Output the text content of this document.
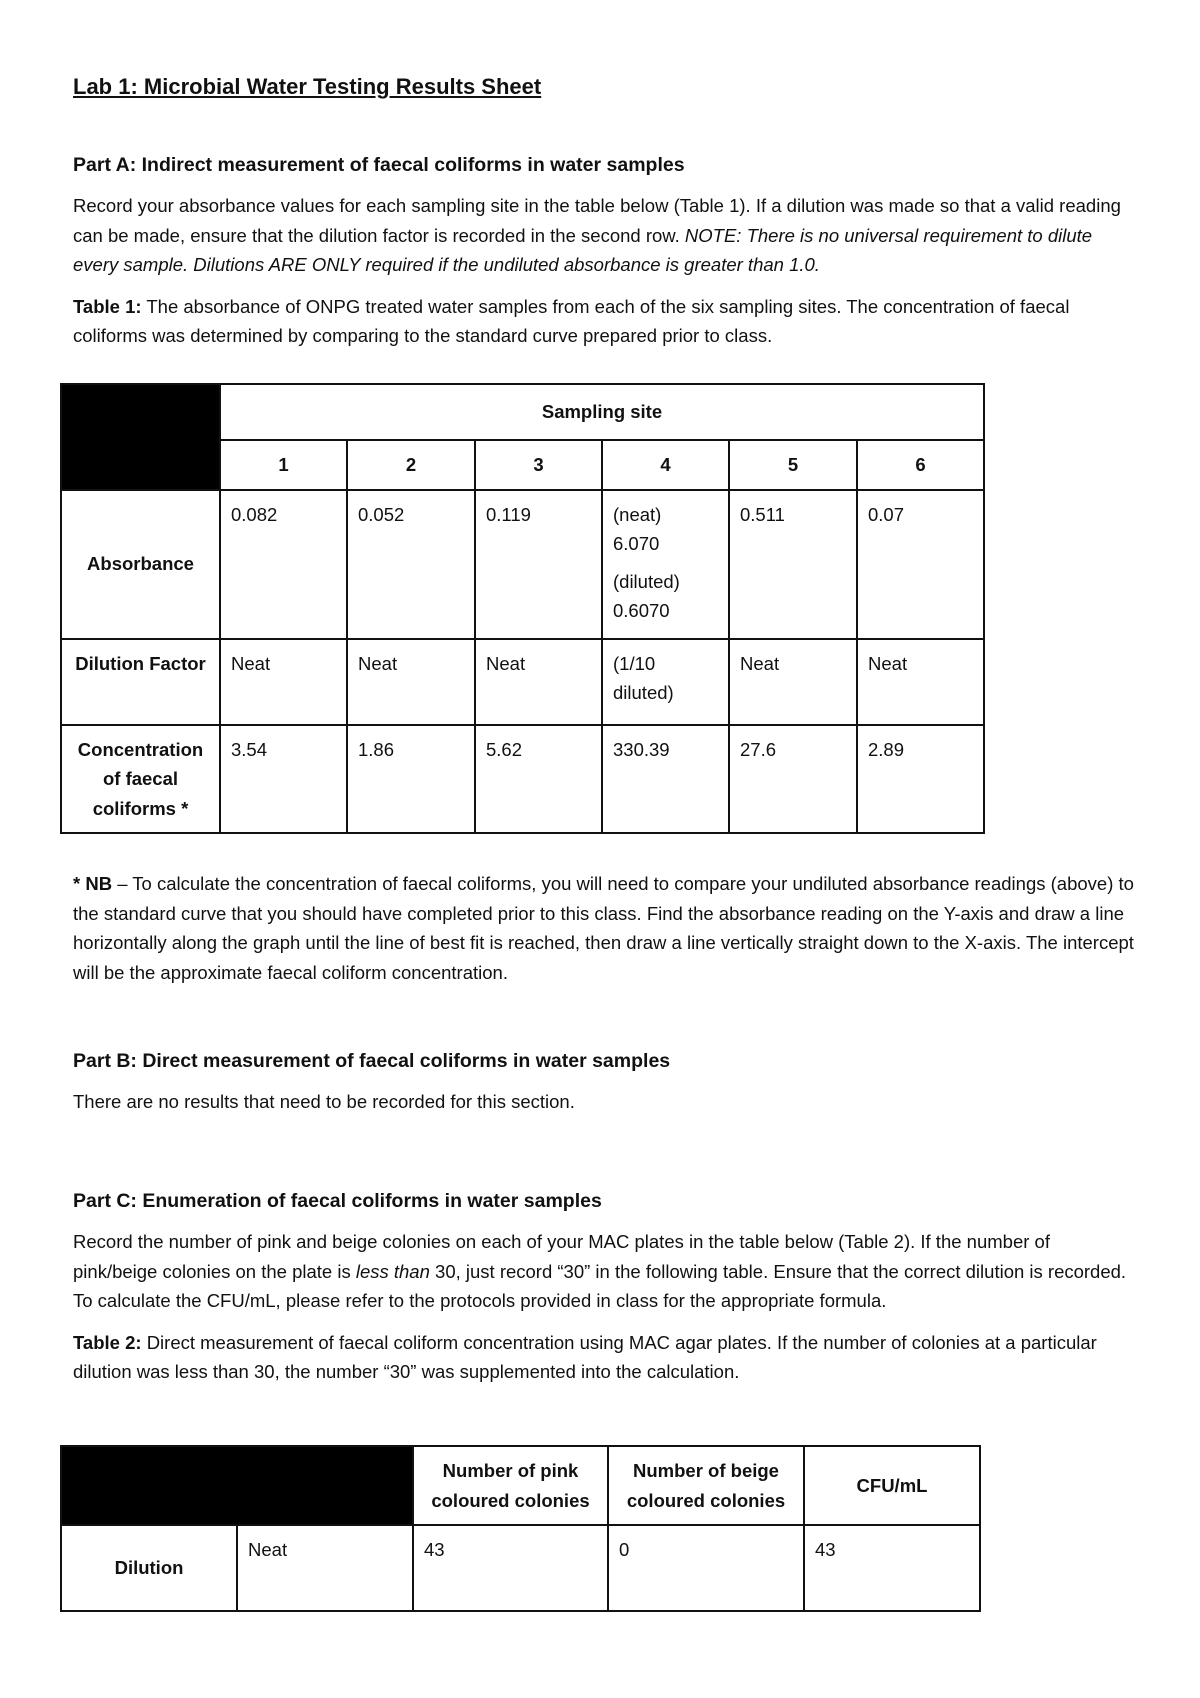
Lab 1: Microbial Water Testing Results Sheet
Part A: Indirect measurement of faecal coliforms in water samples

Record your absorbance values for each sampling site in the table below (Table 1). If a dilution was made so that a valid reading can be made, ensure that the dilution factor is recorded in the second row. NOTE: There is no universal requirement to dilute every sample. Dilutions ARE ONLY required if the undiluted absorbance is greater than 1.0.

Table 1: The absorbance of ONPG treated water samples from each of the six sampling sites. The concentration of faecal coliforms was determined by comparing to the standard curve prepared prior to class.

	Sampling site					
	1	2	3	4	5	6
Absorbance	0.082	0.052	0.119	(neat)
6.070
(diluted)
0.6070	0.511	0.07
Dilution Factor	Neat	Neat	Neat	(1/10 diluted)	Neat	Neat
Concentration of faecal coliforms *	3.54	1.86	5.62	330.39	27.6	2.89
* NB – To calculate the concentration of faecal coliforms, you will need to compare your undiluted absorbance readings (above) to the standard curve that you should have completed prior to this class. Find the absorbance reading on the Y-axis and draw a line horizontally along the graph until the line of best fit is reached, then draw a line vertically straight down to the X-axis. The intercept will be the approximate faecal coliform concentration.
Part B: Direct measurement of faecal coliforms in water samples

There are no results that need to be recorded for this section.

Part C: Enumeration of faecal coliforms in water samples

Record the number of pink and beige colonies on each of your MAC plates in the table below (Table 2). If the number of pink/beige colonies on the plate is less than 30, just record “30” in the following table. Ensure that the correct dilution is recorded. To calculate the CFU/mL, please refer to the protocols provided in class for the appropriate formula.

Table 2: Direct measurement of faecal coliform concentration using MAC agar plates. If the number of colonies at a particular dilution was less than 30, the number “30” was supplemented into the calculation.

		Number of pink coloured colonies	Number of beige coloured colonies	CFU/mL
Dilution	Neat	43	0	43
